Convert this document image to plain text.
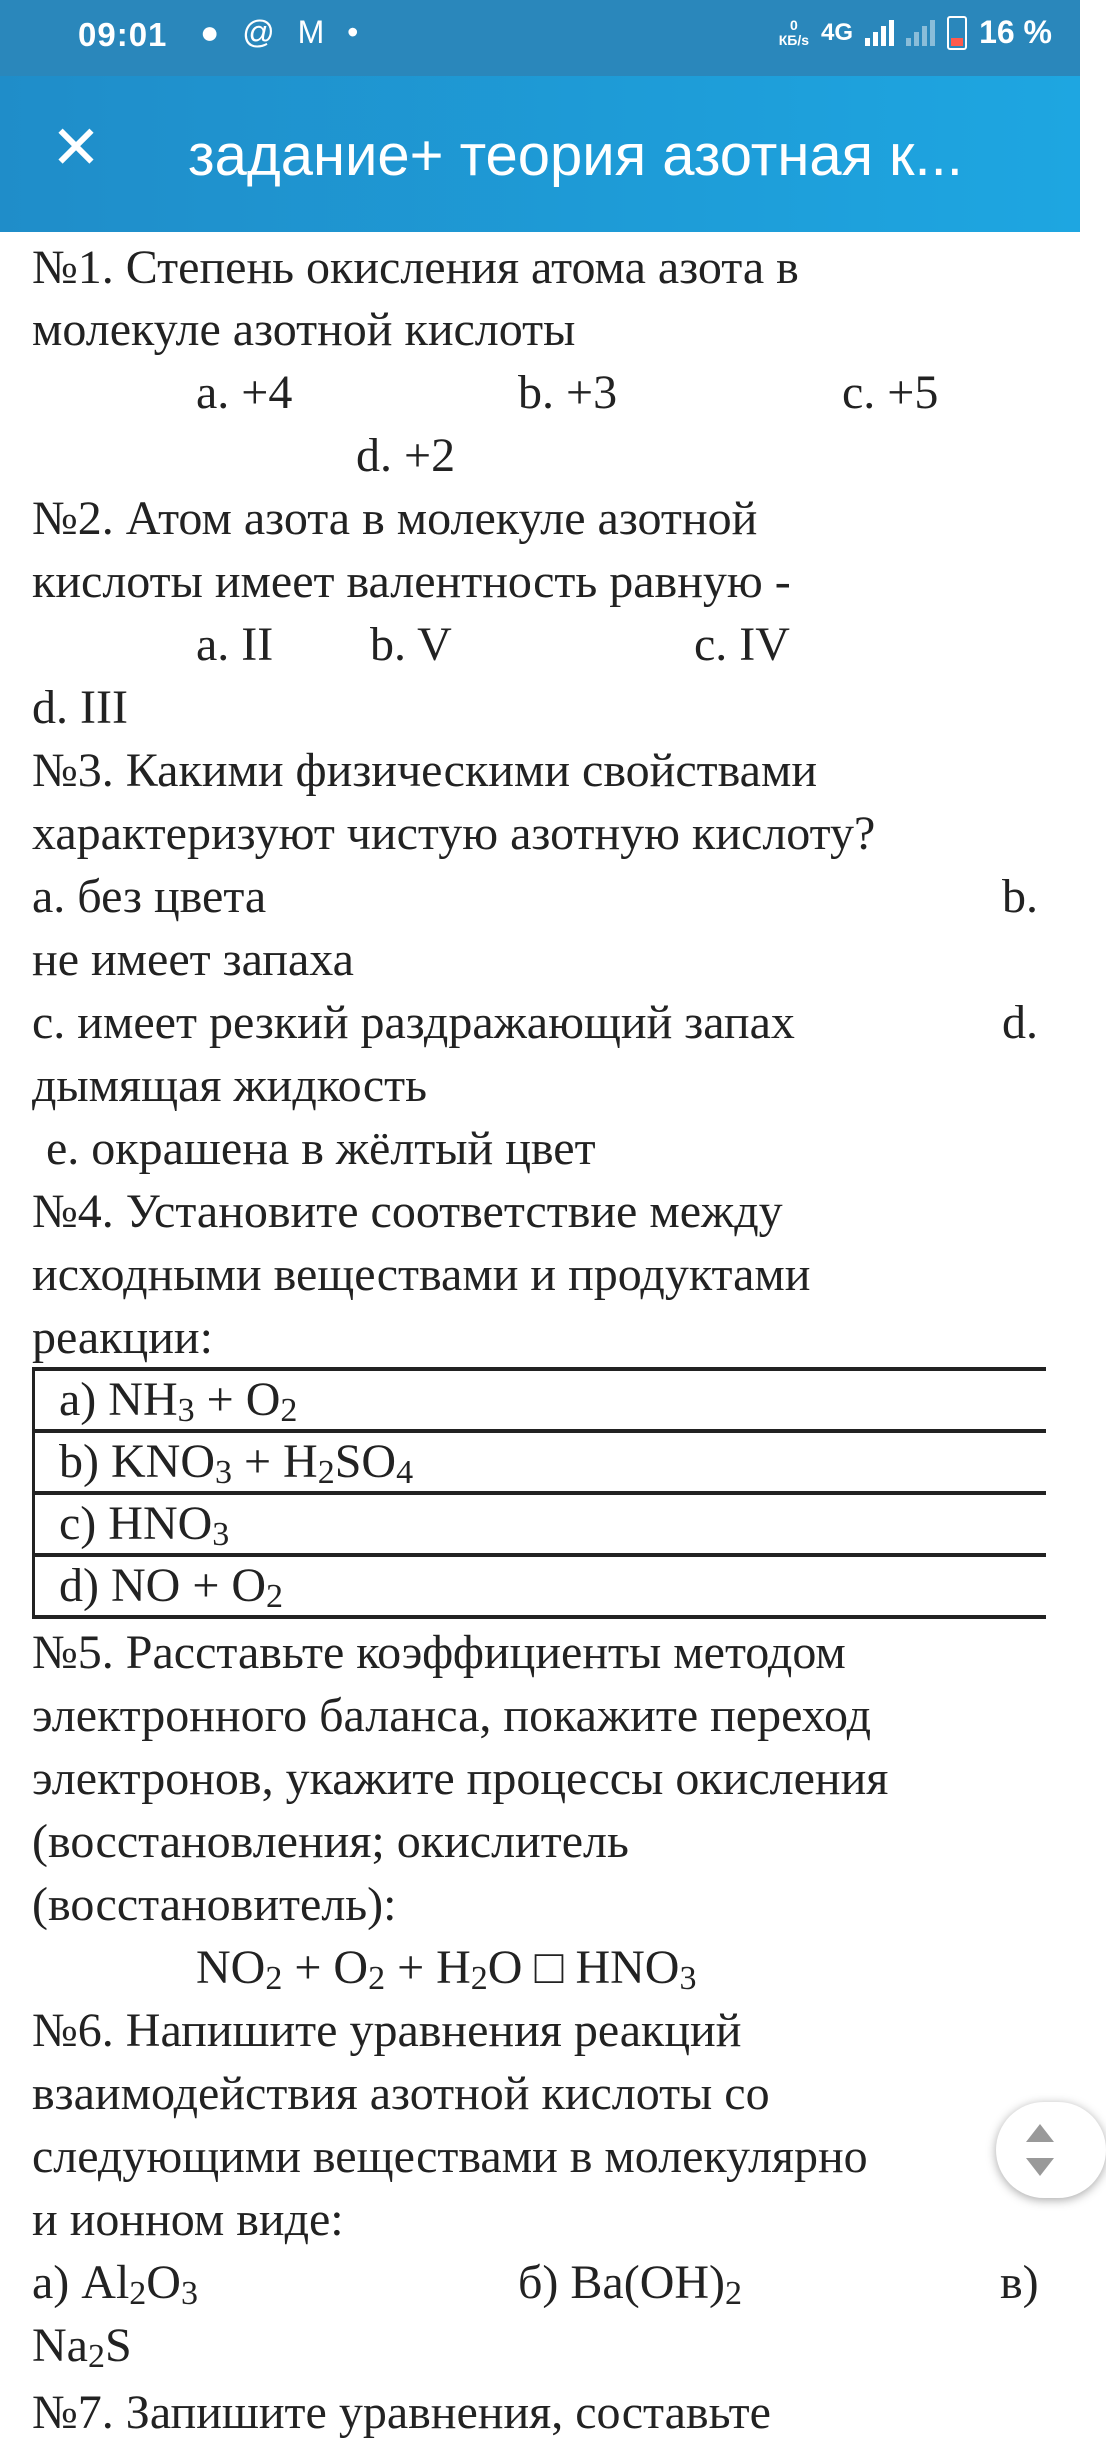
09:01 ● @ M •	0
КБ/s 4G	16 %
✕ задание+ теория азотная к...
№1. Степень окисления атома азота в
молекуле азотной кислоты
a. +4	b. +3	c. +5
d. +2
№2. Атом азота в молекуле азотной
кислоты имеет валентность равную -
a. II b. V	c. IV
d. III
№3. Какими физическими свойствами
характеризуют чистую азотную кислоту?
a. без цвета	b.
не имеет запаха
c. имеет резкий раздражающий запах	d.
дымящая жидкость
e. окрашена в жёлтый цвет
№4. Установите соответствие между
исходными веществами и продуктами
реакции:
a) $NH_3 + O_2$
b) $KNO_3 + H_2SO_4$
c) $HNO_3$
d) NO + $O_2$
№5. Расставьте коэффициенты методом
электронного баланса, покажите переход
электронов, укажите процессы окисления
(восстановления; окислитель
(восстановитель):
$NO_2 + O_2 + H_2O$ □ $HNO_3$
№6. Напишите уравнения реакций
взаимодействия азотной кислоты со
следующими веществами в молекулярно
и ионном виде:
а) $Al_2O_3$	б) $Ba(OH)_2$	в)
$Na_2S$
№7. Запишите уравнения, составьте
